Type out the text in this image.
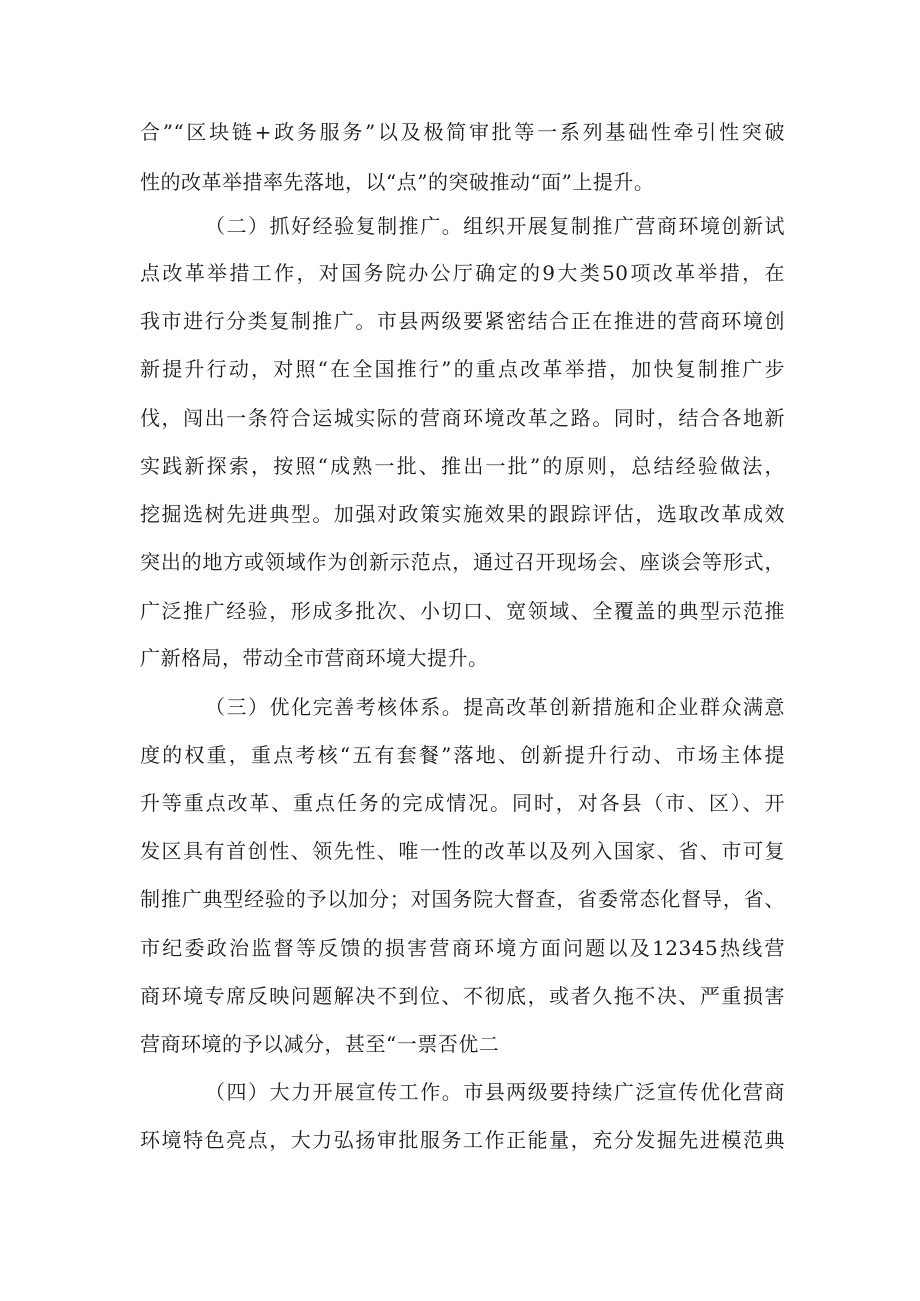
合”“区块链+政务服务”以及极简审批等一系列基础性牵引性突破
性的改革举措率先落地，以“点”的突破推动“面”上提升。
（二）抓好经验复制推广。组织开展复制推广营商环境创新试
点改革举措工作，对国务院办公厅确定的9大类50项改革举措，在
我市进行分类复制推广。市县两级要紧密结合正在推进的营商环境创
新提升行动，对照“在全国推行”的重点改革举措，加快复制推广步
伐，闯出一条符合运城实际的营商环境改革之路。同时，结合各地新
实践新探索，按照“成熟一批、推出一批”的原则，总结经验做法，
挖掘选树先进典型。加强对政策实施效果的跟踪评估，选取改革成效
突出的地方或领域作为创新示范点，通过召开现场会、座谈会等形式，
广泛推广经验，形成多批次、小切口、宽领域、全覆盖的典型示范推
广新格局，带动全市营商环境大提升。
（三）优化完善考核体系。提高改革创新措施和企业群众满意
度的权重，重点考核“五有套餐”落地、创新提升行动、市场主体提
升等重点改革、重点任务的完成情况。同时，对各县（市、区）、开
发区具有首创性、领先性、唯一性的改革以及列入国家、省、市可复
制推广典型经验的予以加分；对国务院大督查，省委常态化督导，省、
市纪委政治监督等反馈的损害营商环境方面问题以及12345热线营
商环境专席反映问题解决不到位、不彻底，或者久拖不决、严重损害
营商环境的予以减分，甚至“一票否优二
（四）大力开展宣传工作。市县两级要持续广泛宣传优化营商
环境特色亮点，大力弘扬审批服务工作正能量，充分发掘先进模范典
